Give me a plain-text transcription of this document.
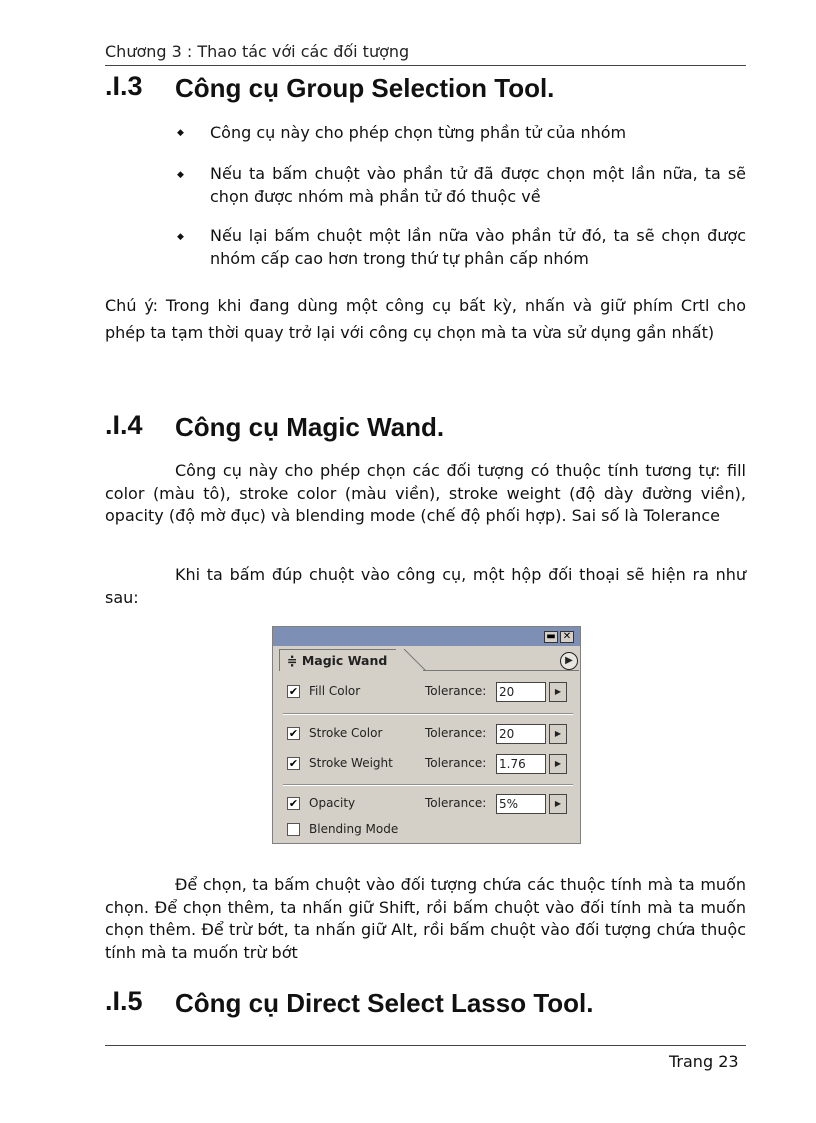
Chương 3 : Thao tác với các đối tượng
.I.3 Công cụ Group Selection Tool.
◆ Công cụ này cho phép chọn từng phần tử của nhóm
◆ Nếu ta bấm chuột vào phần tử đã được chọn một lần nữa, ta sẽ chọn được nhóm mà phần tử đó thuộc về
◆ Nếu lại bấm chuột một lần nữa vào phần tử đó, ta sẽ chọn được nhóm cấp cao hơn trong thứ tự phân cấp nhóm
Chú ý: Trong khi đang dùng một công cụ bất kỳ, nhấn và giữ phím Crtl cho phép ta tạm thời quay trở lại với công cụ chọn mà ta vừa sử dụng gần nhất)
.I.4 Công cụ Magic Wand.
Công cụ này cho phép chọn các đối tượng có thuộc tính tương tự: fill color (màu tô), stroke color (màu viền), stroke weight (độ dày đường viền), opacity (độ mờ đục) và blending mode (chế độ phối hợp). Sai số là Tolerance
Khi ta bấm đúp chuột vào công cụ, một hộp đối thoại sẽ hiện ra như sau:
▬ ✕
≑ Magic Wand	▶
✔ Fill Color	Tolerance: 20	▶
✔ Stroke Color	Tolerance: 20	▶
✔ Stroke Weight	Tolerance: 1.76	▶
✔ Opacity	Tolerance: 5%	▶
Blending Mode
Để chọn, ta bấm chuột vào đối tượng chứa các thuộc tính mà ta muốn chọn. Để chọn thêm, ta nhấn giữ Shift, rồi bấm chuột vào đối tính mà ta muốn chọn thêm. Để trừ bớt, ta nhấn giữ Alt, rồi bấm chuột vào đối tượng chứa thuộc tính mà ta muốn trừ bớt
.I.5 Công cụ Direct Select Lasso Tool.
Trang 23
